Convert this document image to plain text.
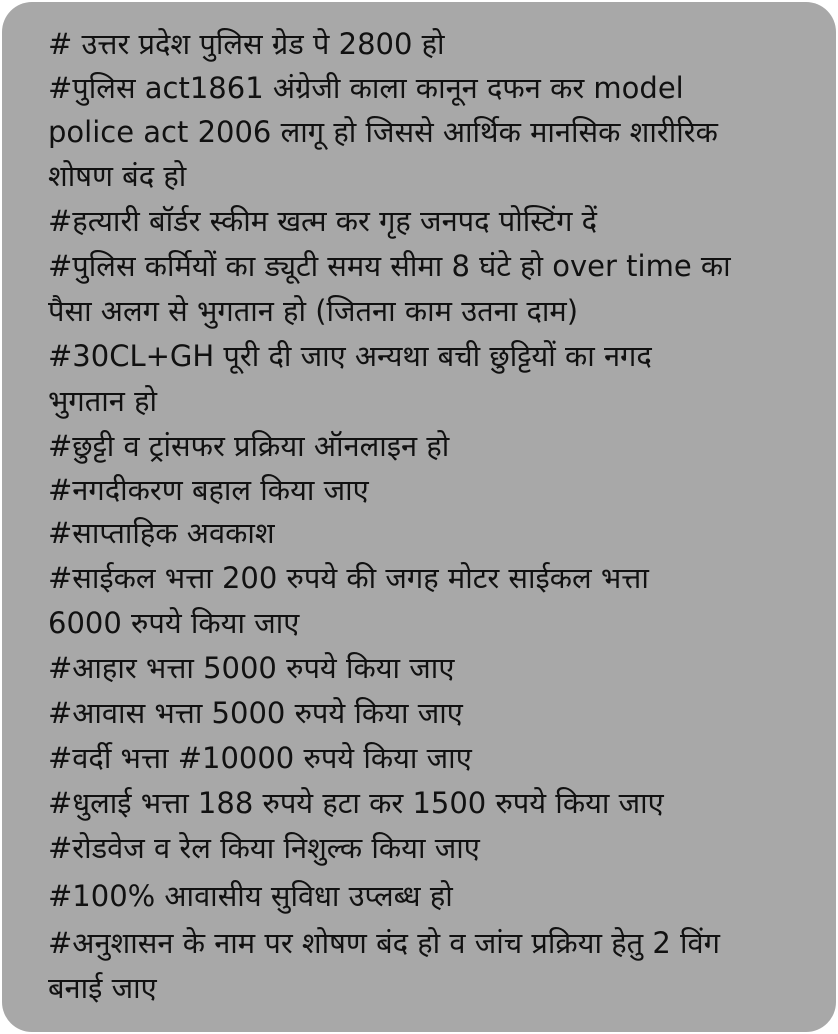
# उत्तर प्रदेश पुलिस ग्रेड पे 2800 हो
#पुलिस act1861 अंग्रेजी काला कानून दफन कर model
police act 2006 लागू हो जिससे आर्थिक मानसिक शारीरिक
शोषण बंद हो
#हत्यारी बॉर्डर स्कीम खत्म कर गृह जनपद पोस्टिंग दें
#पुलिस कर्मियों का ड्यूटी समय सीमा 8 घंटे हो over time का
पैसा अलग से भुगतान हो (जितना काम उतना दाम)
#30CL+GH पूरी दी जाए अन्यथा बची छुट्टियों का नगद
भुगतान हो
#छुट्टी व ट्रांसफर प्रक्रिया ऑनलाइन हो
#नगदीकरण बहाल किया जाए
#साप्ताहिक अवकाश
#साईकल भत्ता 200 रुपये की जगह मोटर साईकल भत्ता
6000 रुपये किया जाए
#आहार भत्ता 5000 रुपये किया जाए
#आवास भत्ता 5000 रुपये किया जाए
#वर्दी भत्ता #10000 रुपये किया जाए
#धुलाई भत्ता 188 रुपये हटा कर 1500 रुपये किया जाए
#रोडवेज व रेल किया निशुल्क किया जाए
#100% आवासीय सुविधा उप्लब्ध हो
#अनुशासन के नाम पर शोषण बंद हो व जांच प्रक्रिया हेतु 2 विंग
बनाई जाए
